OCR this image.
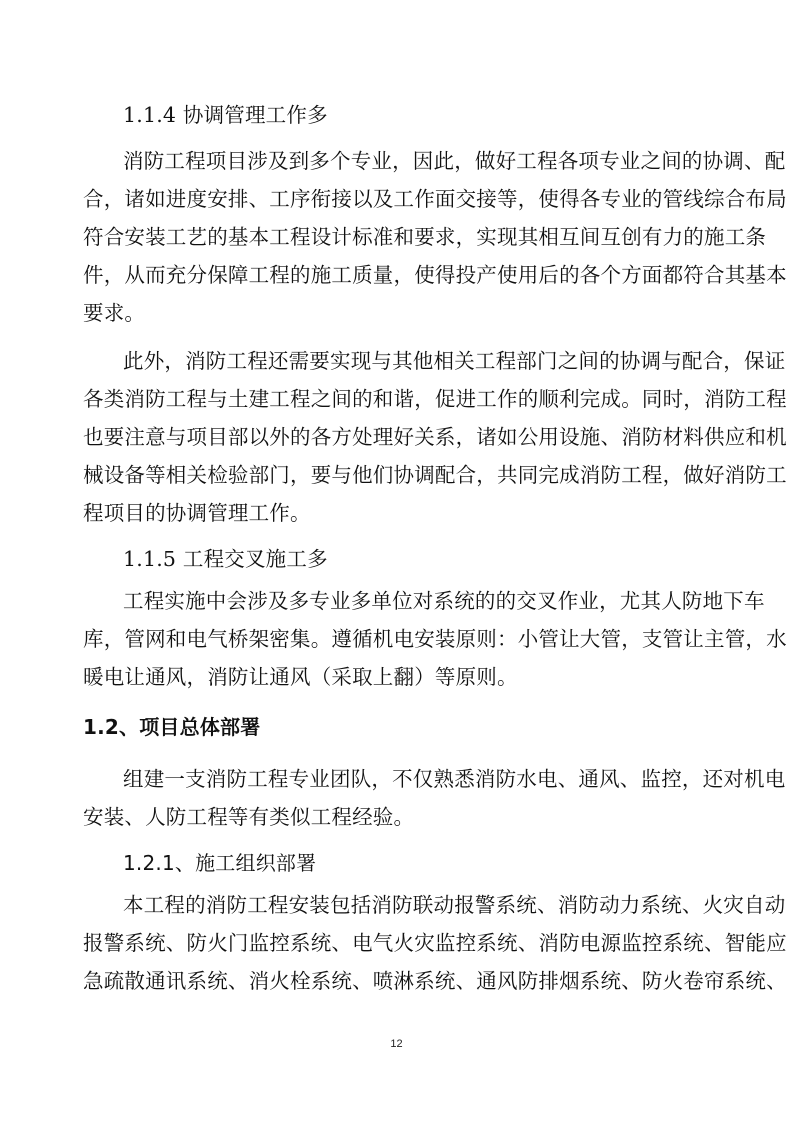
1.1.4 协调管理工作多
消防工程项目涉及到多个专业，因此，做好工程各项专业之间的协调、配
合，诸如进度安排、工序衔接以及工作面交接等，使得各专业的管线综合布局
符合安装工艺的基本工程设计标准和要求，实现其相互间互创有力的施工条
件，从而充分保障工程的施工质量，使得投产使用后的各个方面都符合其基本
要求。
此外，消防工程还需要实现与其他相关工程部门之间的协调与配合，保证
各类消防工程与土建工程之间的和谐，促进工作的顺利完成。同时，消防工程
也要注意与项目部以外的各方处理好关系，诸如公用设施、消防材料供应和机
械设备等相关检验部门，要与他们协调配合，共同完成消防工程，做好消防工
程项目的协调管理工作。
1.1.5 工程交叉施工多
工程实施中会涉及多专业多单位对系统的的交叉作业，尤其人防地下车
库，管网和电气桥架密集。遵循机电安装原则：小管让大管，支管让主管，水
暖电让通风，消防让通风（采取上翻）等原则。
1.2、项目总体部署
组建一支消防工程专业团队，不仅熟悉消防水电、通风、监控，还对机电
安装、人防工程等有类似工程经验。
1.2.1、施工组织部署
本工程的消防工程安装包括消防联动报警系统、消防动力系统、火灾自动
报警系统、防火门监控系统、电气火灾监控系统、消防电源监控系统、智能应
急疏散通讯系统、消火栓系统、喷淋系统、通风防排烟系统、防火卷帘系统、
12
